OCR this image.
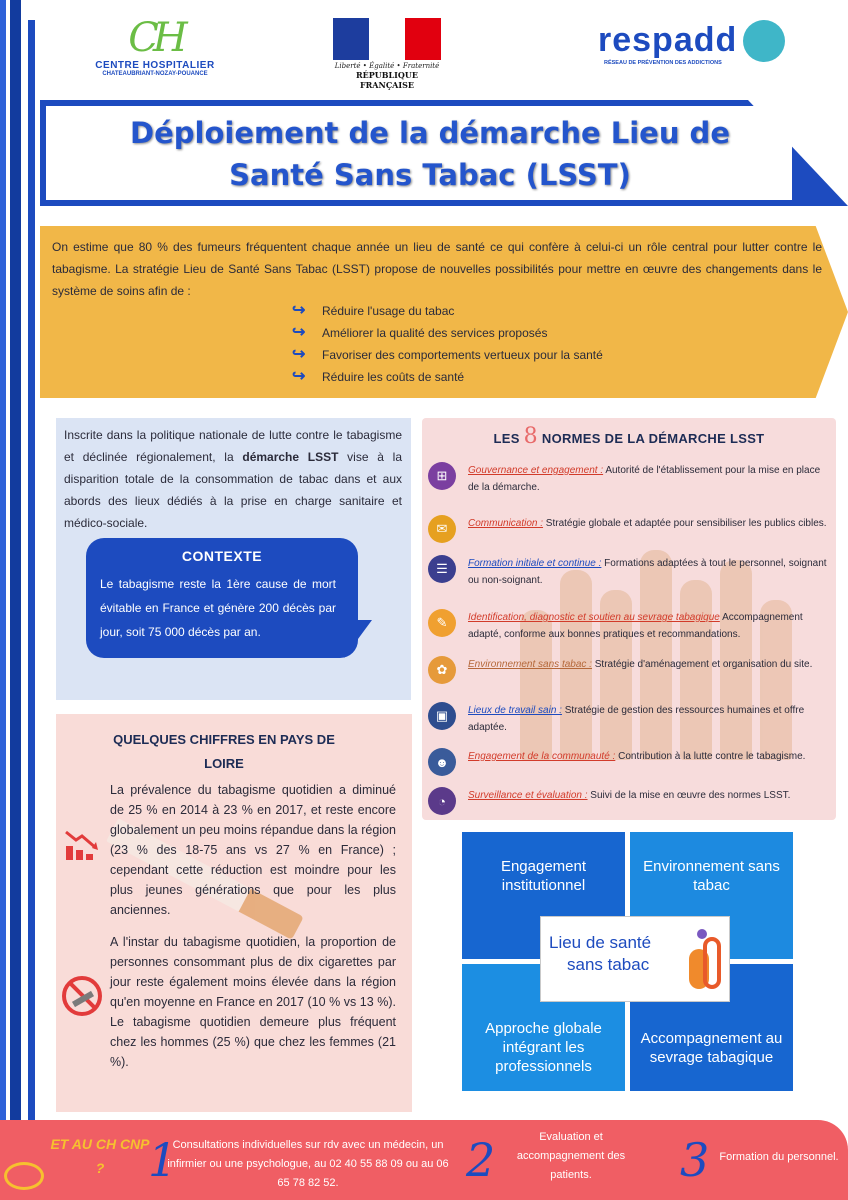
CH
CENTRE HOSPITALIER
CHATEAUBRIANT-NOZAY-POUANCE
Liberté • Égalité • Fraternité
RÉPUBLIQUE FRANÇAISE
respadd
RÉSEAU DE PRÉVENTION DES ADDICTIONS
Déploiement de la démarche Lieu de Santé Sans Tabac (LSST)
On estime que 80 % des fumeurs fréquentent chaque année un lieu de santé ce qui confère à celui-ci un rôle central pour lutter contre le tabagisme. La stratégie Lieu de Santé Sans Tabac (LSST) propose de nouvelles possibilités pour mettre en œuvre des changements dans le système de soins afin de :
↪ Réduire l'usage du tabac
↪ Améliorer la qualité des services proposés
↪ Favoriser des comportements vertueux pour la santé
↪ Réduire les coûts de santé
Inscrite dans la politique nationale de lutte contre le tabagisme et déclinée régionalement, la démarche LSST vise à la disparition totale de la consommation de tabac dans et aux abords des lieux dédiés à la prise en charge sanitaire et médico-sociale.
CONTEXTE
Le tabagisme reste la 1ère cause de mort évitable en France et génère 200 décès par jour, soit 75 000 décès par an.
LES 8 NORMES DE LA DÉMARCHE LSST
⊞	Gouvernance et engagement : Autorité de l'établissement pour la mise en place de la démarche.
✉	Communication : Stratégie globale et adaptée pour sensibiliser les publics cibles.
☰	Formation initiale et continue : Formations adaptées à tout le personnel, soignant ou non-soignant.
✎	Identification, diagnostic et soutien au sevrage tabagique Accompagnement adapté, conforme aux bonnes pratiques et recommandations.
✿	Environnement sans tabac : Stratégie d'aménagement et organisation du site.
▣	Lieux de travail sain : Stratégie de gestion des ressources humaines et offre adaptée.
☻	Engagement de la communauté : Contribution à la lutte contre le tabagisme.
◔	Surveillance et évaluation : Suivi de la mise en œuvre des normes LSST.
QUELQUES CHIFFRES EN PAYS DE LOIRE
La prévalence du tabagisme quotidien a diminué de 25 % en 2014 à 23 % en 2017, et reste encore globalement un peu moins répandue dans la région (23 % des 18-75 ans vs 27 % en France) ; cependant cette réduction est moindre pour les plus jeunes générations que pour les plus anciennes.
A l'instar du tabagisme quotidien, la proportion de personnes consommant plus de dix cigarettes par jour reste également moins élevée dans la région qu'en moyenne en France en 2017 (10 % vs 13 %). Le tabagisme quotidien demeure plus fréquent chez les hommes (25 %) que chez les femmes (21 %).
Engagement institutionnel
Environnement sans tabac
Approche globale intégrant les professionnels
Accompagnement au sevrage tabagique
Lieu de santé
sans tabac
ET AU CH CNP ? 1
Consultations individuelles sur rdv avec un médecin, un infirmier ou une psychologue, au 02 40 55 88 09 ou au 06 65 78 82 52.	2	Evaluation et accompagnement des patients.	3 Formation du personnel.
